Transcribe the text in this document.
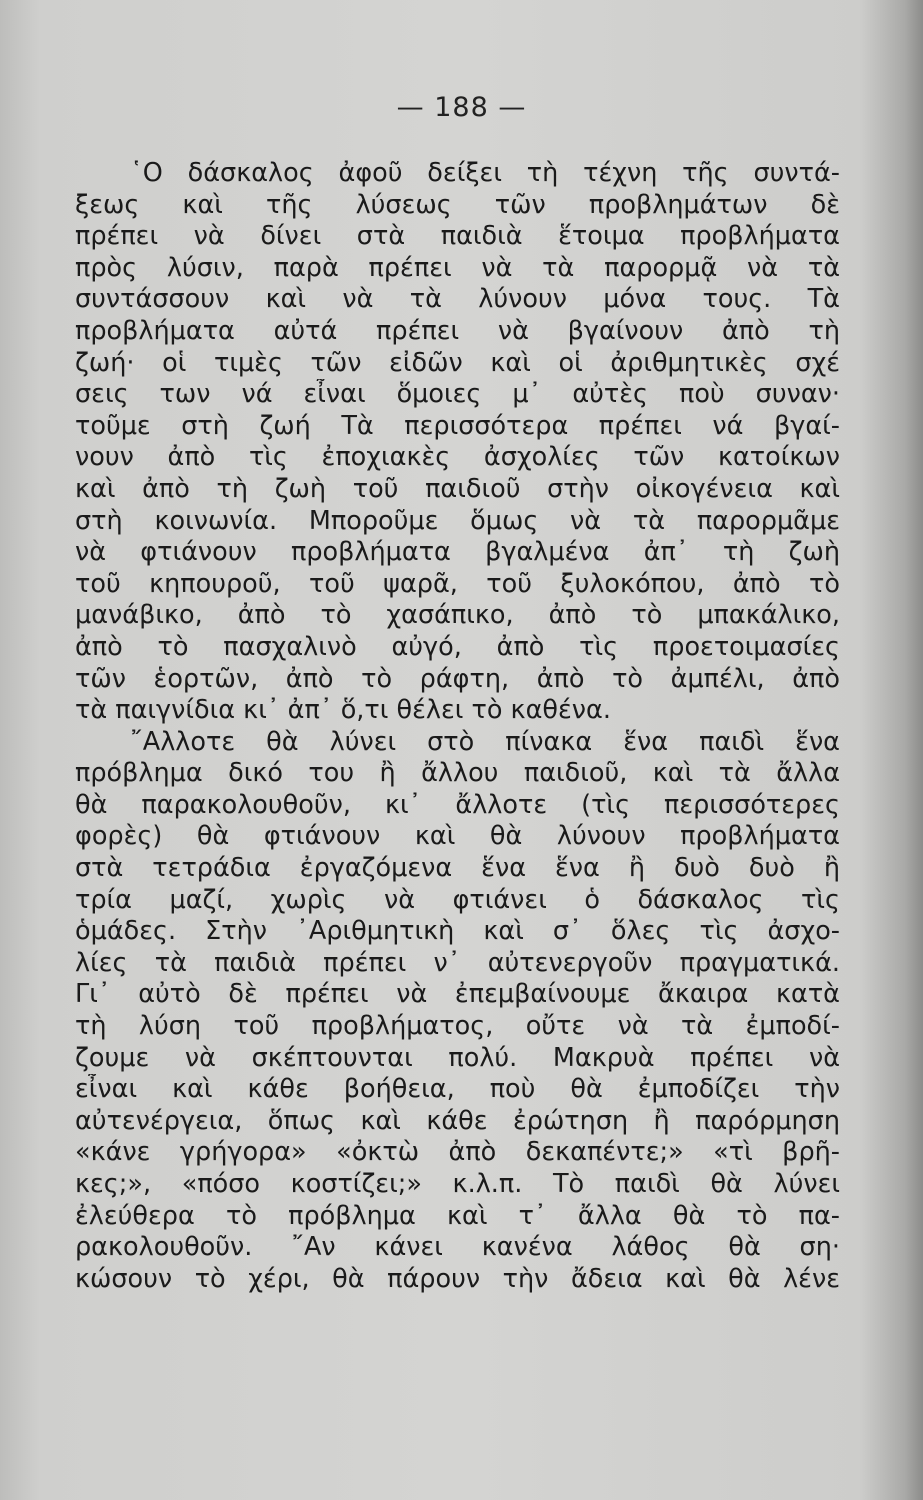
— 188 —
῾Ο δάσκαλος ἀφοῦ δείξει τὴ τέχνη τῆς συντά-
ξεως καὶ τῆς λύσεως τῶν προβλημάτων δὲ
πρέπει νὰ δίνει στὰ παιδιὰ ἕτοιμα προβλήματα
πρὸς λύσιν, παρὰ πρέπει νὰ τὰ παρορμᾷ νὰ τὰ
συντάσσουν καὶ νὰ τὰ λύνουν μόνα τους. Τὰ
προβλήματα αὐτά πρέπει νὰ βγαίνουν ἀπὸ τὴ
ζωή· οἱ τιμὲς τῶν εἰδῶν καὶ οἱ ἀριθμητικὲς σχέ
σεις των νά εἶναι ὅμοιες μ᾽ αὐτὲς ποὺ συναν·
τοῦμε στὴ ζωή Τὰ περισσότερα πρέπει νά βγαί-
νουν ἀπὸ τὶς ἐποχιακὲς ἀσχολίες τῶν κατοίκων
καὶ ἀπὸ τὴ ζωὴ τοῦ παιδιοῦ στὴν οἰκογένεια καὶ
στὴ κοινωνία. Μποροῦμε ὅμως νὰ τὰ παρορμᾶμε
νὰ φτιάνουν προβλήματα βγαλμένα ἀπ᾽ τὴ ζωὴ
τοῦ κηπουροῦ, τοῦ ψαρᾶ, τοῦ ξυλοκόπου, ἀπὸ τὸ
μανάβικο, ἀπὸ τὸ χασάπικο, ἀπὸ τὸ μπακάλικο,
ἀπὸ τὸ πασχαλινὸ αὐγό, ἀπὸ τὶς προετοιμασίες
τῶν ἑορτῶν, ἀπὸ τὸ ράφτη, ἀπὸ τὸ ἀμπέλι, ἀπὸ
τὰ παιγνίδια κι᾽ ἀπ᾽ ὅ,τι θέλει τὸ καθένα.
῎Αλλοτε θὰ λύνει στὸ πίνακα ἕνα παιδὶ ἕνα
πρόβλημα δικό του ἢ ἄλλου παιδιοῦ, καὶ τὰ ἄλλα
θὰ παρακολουθοῦν, κι᾽ ἄλλοτε (τὶς περισσότερες
φορὲς) θὰ φτιάνουν καὶ θὰ λύνουν προβλήματα
στὰ τετράδια ἐργαζόμενα ἕνα ἕνα ἢ δυὸ δυὸ ἢ
τρία μαζί, χωρὶς νὰ φτιάνει ὁ δάσκαλος τὶς
ὁμάδες. Στὴν ᾽Αριθμητικὴ καὶ σ᾽ ὅλες τὶς ἀσχο-
λίες τὰ παιδιὰ πρέπει ν᾽ αὐτενεργοῦν πραγματικά.
Γι᾽ αὐτὸ δὲ πρέπει νὰ ἐπεμβαίνουμε ἄκαιρα κατὰ
τὴ λύση τοῦ προβλήματος, οὔτε νὰ τὰ ἐμποδί-
ζουμε νὰ σκέπτουνται πολύ. Μακρυὰ πρέπει νὰ
εἶναι καὶ κάθε βοήθεια, ποὺ θὰ ἐμποδίζει τὴν
αὐτενέργεια, ὅπως καὶ κάθε ἐρώτηση ἢ παρόρμηση
«κάνε γρήγορα» «ὀκτὼ ἀπὸ δεκαπέντε;» «τὶ βρῆ-
κες;», «πόσο κοστίζει;» κ.λ.π. Τὸ παιδὶ θὰ λύνει
ἐλεύθερα τὸ πρόβλημα καὶ τ᾽ ἄλλα θὰ τὸ πα-
ρακολουθοῦν. ῎Αν κάνει κανένα λάθος θὰ ση·
κώσουν τὸ χέρι, θὰ πάρουν τὴν ἄδεια καὶ θὰ λένε
